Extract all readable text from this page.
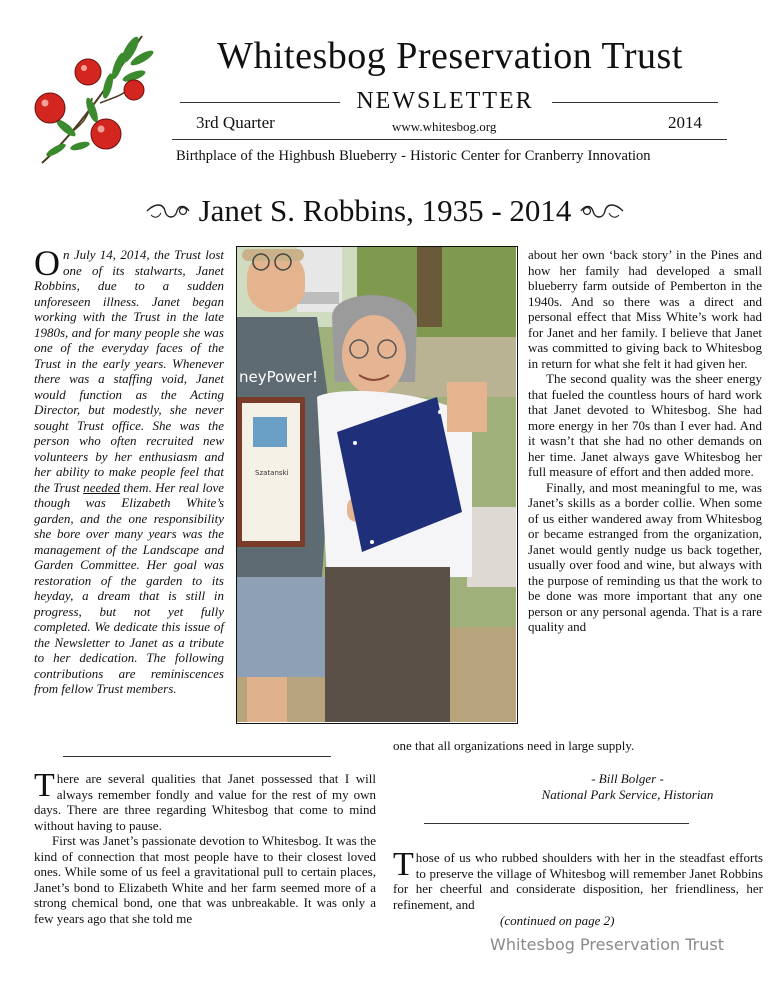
Whitesbog Preservation Trust
NEWSLETTER
3rd Quarter	www.whitesbog.org	2014
Birthplace of the Highbush Blueberry - Historic Center for Cranberry Innovation
Janet S. Robbins, 1935 - 2014
On July 14, 2014, the Trust lost one of its stalwarts, Janet Robbins, due to a sudden unforeseen illness. Janet began working with the Trust in the late 1980s, and for many people she was one of the everyday faces of the Trust in the early years. Whenever there was a staffing void, Janet would function as the Acting Director, but modestly, she never sought Trust office. She was the person who often recruited new volunteers by her enthusiasm and her ability to make people feel that the Trust needed them. Her real love though was Elizabeth White’s garden, and the one responsibility she bore over many years was the management of the Landscape and Garden Committee. Her goal was restoration of the garden to its heyday, a dream that is still in progress, but not yet fully completed. We dedicate this issue of the Newsletter to Janet as a tribute to her dedication. The following contributions are reminiscences from fellow Trust members.
neyPower!
Szatanski

about her own ‘back story’ in the Pines and how her family had developed a small blueberry farm outside of Pemberton in the 1940s. And so there was a direct and personal effect that Miss White’s work had for Janet and her family. I believe that Janet was committed to giving back to Whitesbog in return for what she felt it had given her.

The second quality was the sheer energy that fueled the countless hours of hard work that Janet devoted to Whitesbog. She had more energy in her 70s than I ever had. And it wasn’t that she had no other demands on her time. Janet always gave Whitesbog her full measure of effort and then added more.

Finally, and most meaningful to me, was Janet’s skills as a border collie. When some of us either wandered away from Whitesbog or became estranged from the organization, Janet would gently nudge us back together, usually over food and wine, but always with the purpose of reminding us that the work to be done was more important that any one person or any personal agenda. That is a rare quality and

one that all organizations need in large supply.

There are several qualities that Janet possessed that I will always remember fondly and value for the rest of my own days. There are three regarding Whitesbog that come to mind without having to pause.

First was Janet’s passionate devotion to Whitesbog. It was the kind of connection that most people have to their closest loved ones. While some of us feel a gravitational pull to certain places, Janet’s bond to Elizabeth White and her farm seemed more of a strong chemical bond, one that was unbreakable. It was only a few years ago that she told me

- Bill Bolger -
National Park Service, Historian
Those of us who rubbed shoulders with her in the steadfast efforts to preserve the village of Whitesbog will remember Janet Robbins for her cheerful and considerate disposition, her friendliness, her refinement, and
(continued on page 2)
Whitesbog Preservation Trust
